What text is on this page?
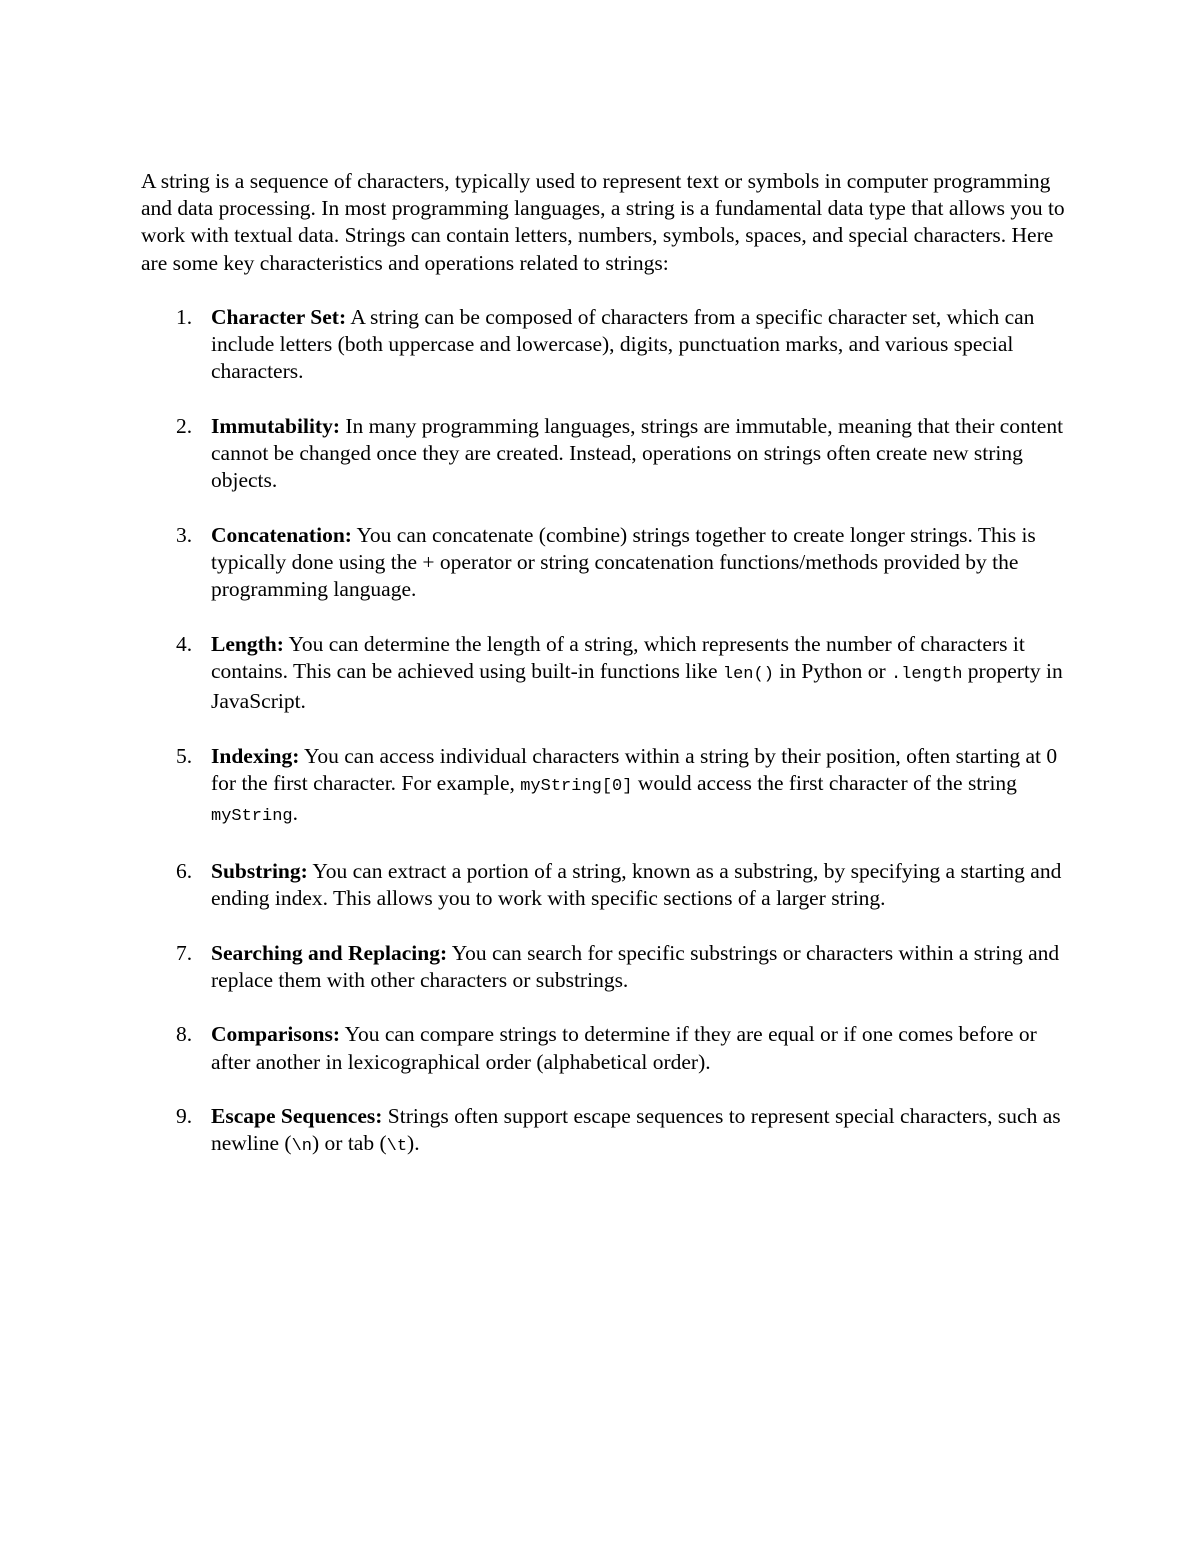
A string is a sequence of characters, typically used to represent text or symbols in computer programming and data processing. In most programming languages, a string is a fundamental data type that allows you to work with textual data. Strings can contain letters, numbers, symbols, spaces, and special characters. Here are some key characteristics and operations related to strings:

1. Character Set: A string can be composed of characters from a specific character set, which can include letters (both uppercase and lowercase), digits, punctuation marks, and various special characters.
2. Immutability: In many programming languages, strings are immutable, meaning that their content cannot be changed once they are created. Instead, operations on strings often create new string objects.
3. Concatenation: You can concatenate (combine) strings together to create longer strings. This is typically done using the + operator or string concatenation functions/methods provided by the programming language.
4. Length: You can determine the length of a string, which represents the number of characters it contains. This can be achieved using built-in functions like len() in Python or .length property in JavaScript.
5. Indexing: You can access individual characters within a string by their position, often starting at 0 for the first character. For example, myString[0] would access the first character of the string myString.
6. Substring: You can extract a portion of a string, known as a substring, by specifying a starting and ending index. This allows you to work with specific sections of a larger string.
7. Searching and Replacing: You can search for specific substrings or characters within a string and replace them with other characters or substrings.
8. Comparisons: You can compare strings to determine if they are equal or if one comes before or after another in lexicographical order (alphabetical order).
9. Escape Sequences: Strings often support escape sequences to represent special characters, such as newline (\n) or tab (\t).
